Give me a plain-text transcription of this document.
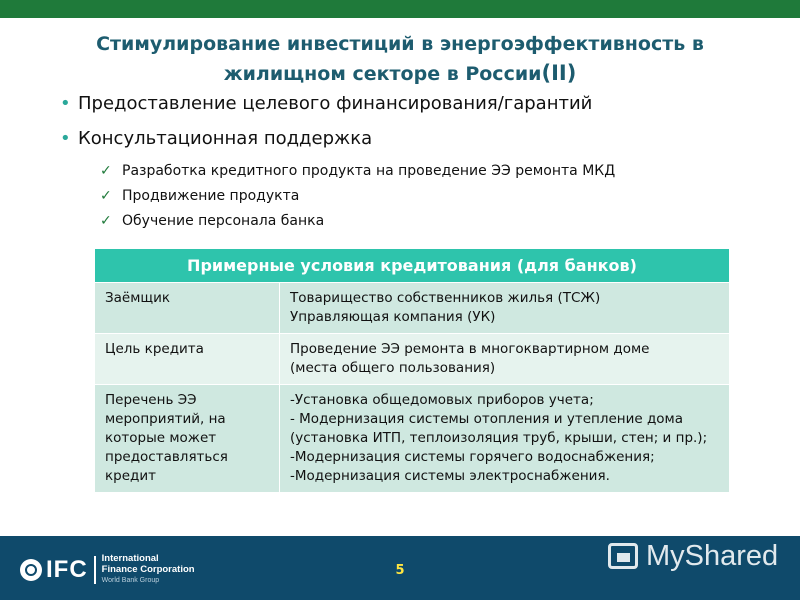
Стимулирование инвестиций в энергоэффективность в жилищном секторе в России(II)
• Предоставление целевого финансирования/гарантий
• Консультационная поддержка
✓ Разработка кредитного продукта на проведение ЭЭ ремонта МКД
✓ Продвижение продукта
✓ Обучение персонала банка
Примерные условия кредитования (для банков)	
Заёмщик	Товарищество собственников жилья (ТСЖ)
Управляющая компания (УК)

Цель кредита	Проведение ЭЭ ремонта в многоквартирном доме
(места общего пользования)

Перечень ЭЭ мероприятий, на которые может предоставляться кредит	-Установка общедомовых приборов учета;
- Модернизация системы отопления и утепление дома (установка ИТП, теплоизоляция труб, крыши, стен; и пр.);
-Модернизация системы горячего водоснабжения;
-Модернизация системы электроснабжения.
IFC International
Finance Corporation
World Bank Group
5	MyShared
